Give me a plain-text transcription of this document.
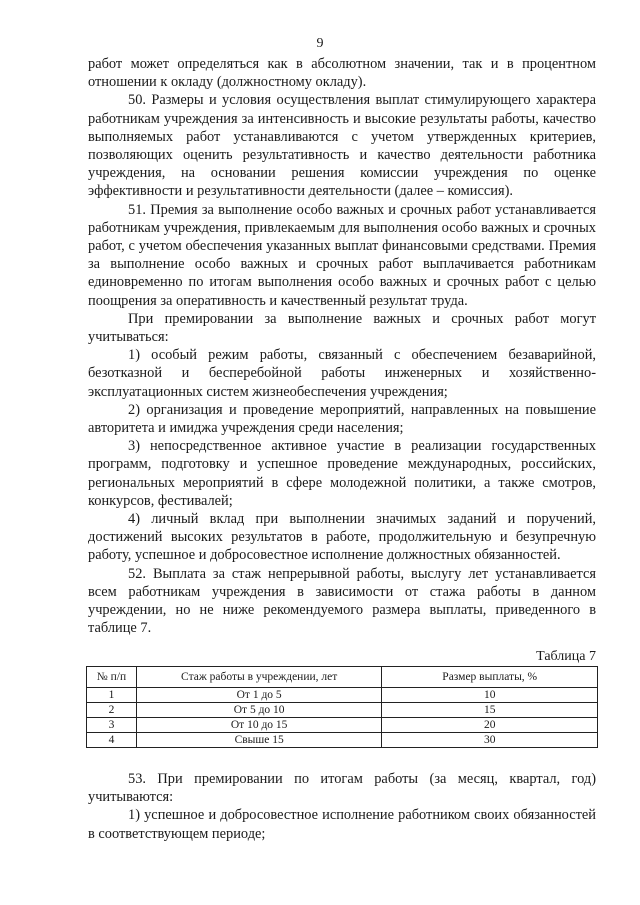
9

работ может определяться как в абсолютном значении, так и в процентном отношении к окладу (должностному окладу).

50. Размеры и условия осуществления выплат стимулирующего характера работникам учреждения за интенсивность и высокие результаты работы, качество выполняемых работ устанавливаются с учетом утвержденных критериев, позволяющих оценить результативность и качество деятельности работника учреждения, на основании решения комиссии учреждения по оценке эффективности и результативности деятельности (далее – комиссия).

51. Премия за выполнение особо важных и срочных работ устанавливается работникам учреждения, привлекаемым для выполнения особо важных и срочных работ, с учетом обеспечения указанных выплат финансовыми средствами. Премия за выполнение особо важных и срочных работ выплачивается работникам единовременно по итогам выполнения особо важных и срочных работ с целью поощрения за оперативность и качественный результат труда.

При премировании за выполнение важных и срочных работ могут учитываться:

1) особый режим работы, связанный с обеспечением безаварийной, безотказной и бесперебойной работы инженерных и хозяйственно-эксплуатационных систем жизнеобеспечения учреждения;

2) организация и проведение мероприятий, направленных на повышение авторитета и имиджа учреждения среди населения;

3) непосредственное активное участие в реализации государственных программ, подготовку и успешное проведение международных, российских, региональных мероприятий в сфере молодежной политики, а также смотров, конкурсов, фестивалей;

4) личный вклад при выполнении значимых заданий и поручений, достижений высоких результатов в работе, продолжительную и безупречную работу, успешное и добросовестное исполнение должностных обязанностей.

52. Выплата за стаж непрерывной работы, выслугу лет устанавливается всем работникам учреждения в зависимости от стажа работы в данном учреждении, но не ниже рекомендуемого размера выплаты, приведенного в таблице 7.

Таблица 7
№ п/п	Стаж работы в учреждении, лет	Размер выплаты, %
1	От 1 до 5	10
2	От 5 до 10	15
3	От 10 до 15	20
4	Свыше 15	30

53. При премировании по итогам работы (за месяц, квартал, год) учитываются:

1) успешное и добросовестное исполнение работником своих обязанностей в соответствующем периоде;
